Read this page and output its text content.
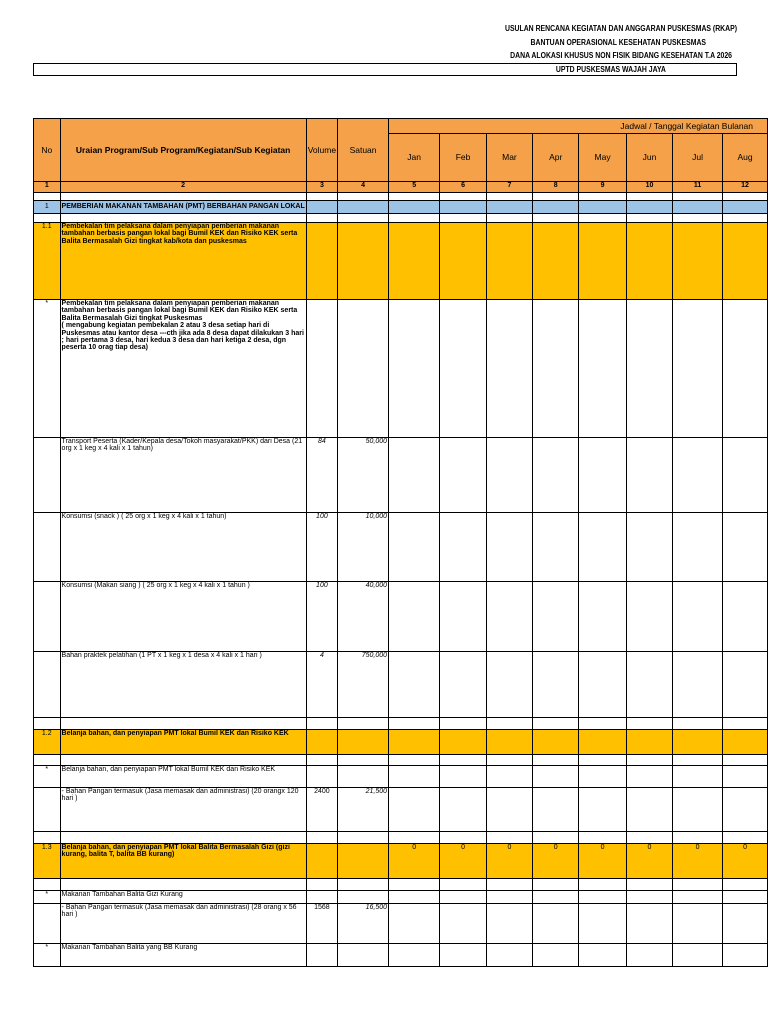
USULAN RENCANA KEGIATAN DAN ANGGARAN PUSKESMAS (RKAP)
BANTUAN OPERASIONAL KESEHATAN PUSKESMAS
DANA ALOKASI KHUSUS NON FISIK BIDANG KESEHATAN T.A 2026
UPTD PUSKESMAS WAJAH JAYA
No	Uraian Program/Sub Program/Kegiatan/Sub Kegiatan	Volume	Satuan	Jadwal / Tanggal Kegiatan Bulanan							
				Jan	Feb	Mar	Apr	May	Jun	Jul	Aug
1	2	3	4	5	6	7	8	9	10	11	12

1	PEMBERIAN MAKANAN TAMBAHAN (PMT) BERBAHAN PANGAN LOKAL										

1.1	Pembekalan tim pelaksana dalam penyiapan pemberian makanan tambahan berbasis pangan lokal bagi Bumil KEK dan Risiko KEK serta Balita Bermasalah Gizi tingkat kab/kota dan puskesmas										
*	Pembekalan tim pelaksana dalam penyiapan pemberian makanan tambahan berbasis pangan lokal bagi Bumil KEK dan Risiko KEK serta Balita Bermasalah Gizi tingkat Puskesmas
( mengabung kegiatan pembekalan 2 atau 3 desa setiap hari di Puskesmas atau kantor desa ---cth jika ada 8 desa dapat dilakukan 3 hari ; hari pertama 3 desa, hari kedua 3 desa dan hari ketiga 2 desa, dgn peserta 10 orag tiap desa)										

	Transport Peserta (Kader/Kepala desa/Tokoh masyarakat/PKK) dari Desa (21 org x 1 keg x 4 kali x 1 tahun)	84	50,000								
	Konsumsi (snack ) ( 25 org x 1 keg x 4 kali x 1 tahun)	100	10,000								
	Konsumsi (Makan siang ) ( 25 org x 1 keg x 4 kali x 1 tahun )	100	40,000								
	Bahan praktek pelatihan (1 PT x 1 keg x 1 desa x 4 kali x 1 hari )	4	750,000								

1.2	Belanja bahan, dan penyiapan PMT lokal Bumil KEK dan Risiko KEK										

*	Belanja bahan, dan penyiapan PMT lokal Bumil KEK dan Risiko KEK										
	- Bahan Pangan termasuk (Jasa memasak dan administrasi) (20 orangx 120 hari )	2400	21,500								

1.3	Belanja bahan, dan penyiapan PMT lokal Balita Bermasalah Gizi (gizi kurang, balita T, balita BB kurang)			0	0	0	0	0	0	0	0

*	Makanan Tambahan Balita Gizi Kurang										
	- Bahan Pangan termasuk (Jasa memasak dan administrasi) (28 orang x 56 hari )	1568	16,500								
*	Makanan Tambahan Balita yang BB Kurang										
